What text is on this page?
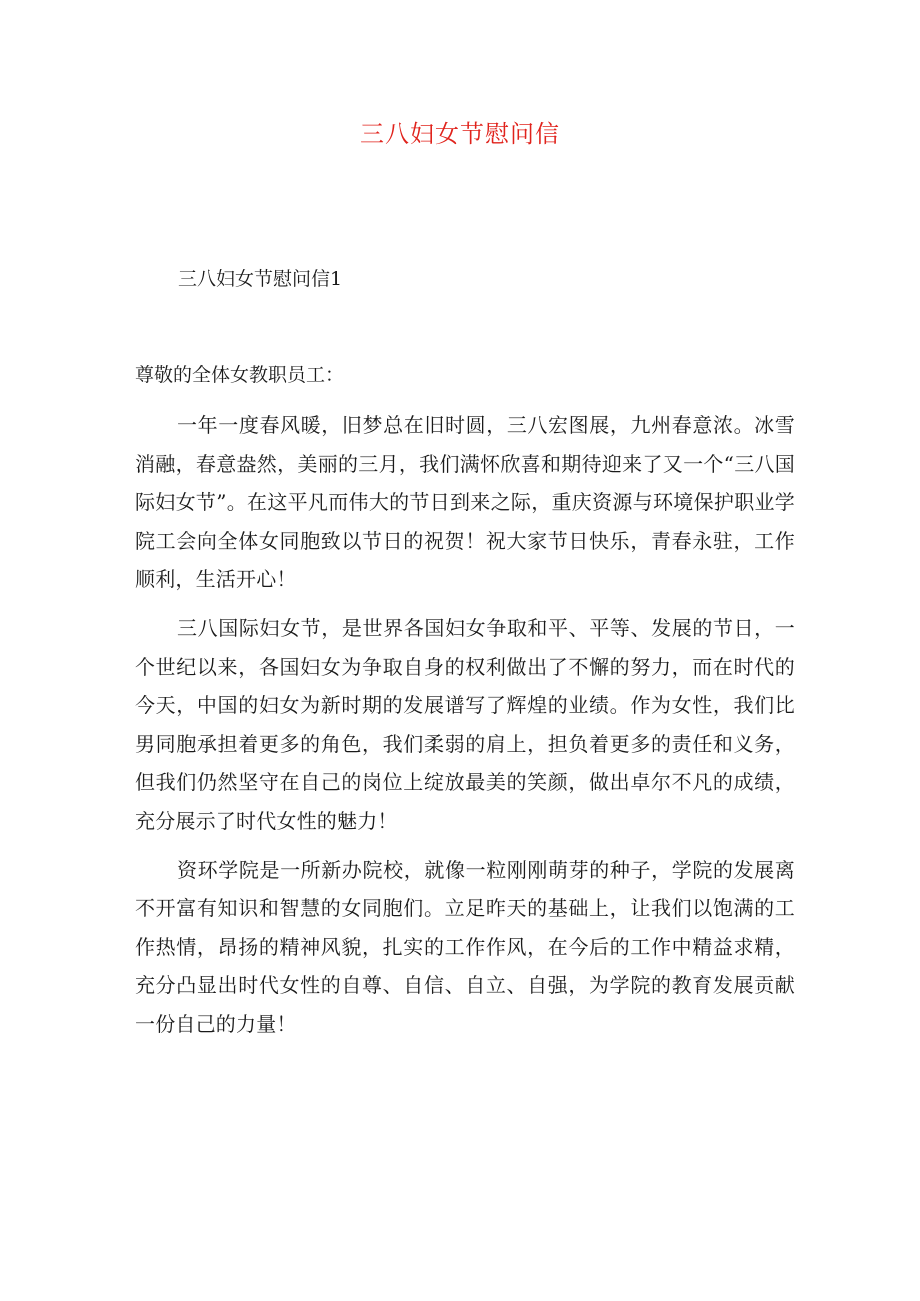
三八妇女节慰问信
三八妇女节慰问信1
尊敬的全体女教职员工：

一年一度春风暖，旧梦总在旧时圆，三八宏图展，九州春意浓。冰雪消融，春意盎然，美丽的三月，我们满怀欣喜和期待迎来了又一个“三八国际妇女节”。在这平凡而伟大的节日到来之际，重庆资源与环境保护职业学院工会向全体女同胞致以节日的祝贺！祝大家节日快乐，青春永驻，工作顺利，生活开心！

三八国际妇女节，是世界各国妇女争取和平、平等、发展的节日，一个世纪以来，各国妇女为争取自身的权利做出了不懈的努力，而在时代的今天，中国的妇女为新时期的发展谱写了辉煌的业绩。作为女性，我们比男同胞承担着更多的角色，我们柔弱的肩上，担负着更多的责任和义务，但我们仍然坚守在自己的岗位上绽放最美的笑颜，做出卓尔不凡的成绩，充分展示了时代女性的魅力！

资环学院是一所新办院校，就像一粒刚刚萌芽的种子，学院的发展离不开富有知识和智慧的女同胞们。立足昨天的基础上，让我们以饱满的工作热情，昂扬的精神风貌，扎实的工作作风，在今后的工作中精益求精，充分凸显出时代女性的自尊、自信、自立、自强，为学院的教育发展贡献一份自己的力量！
